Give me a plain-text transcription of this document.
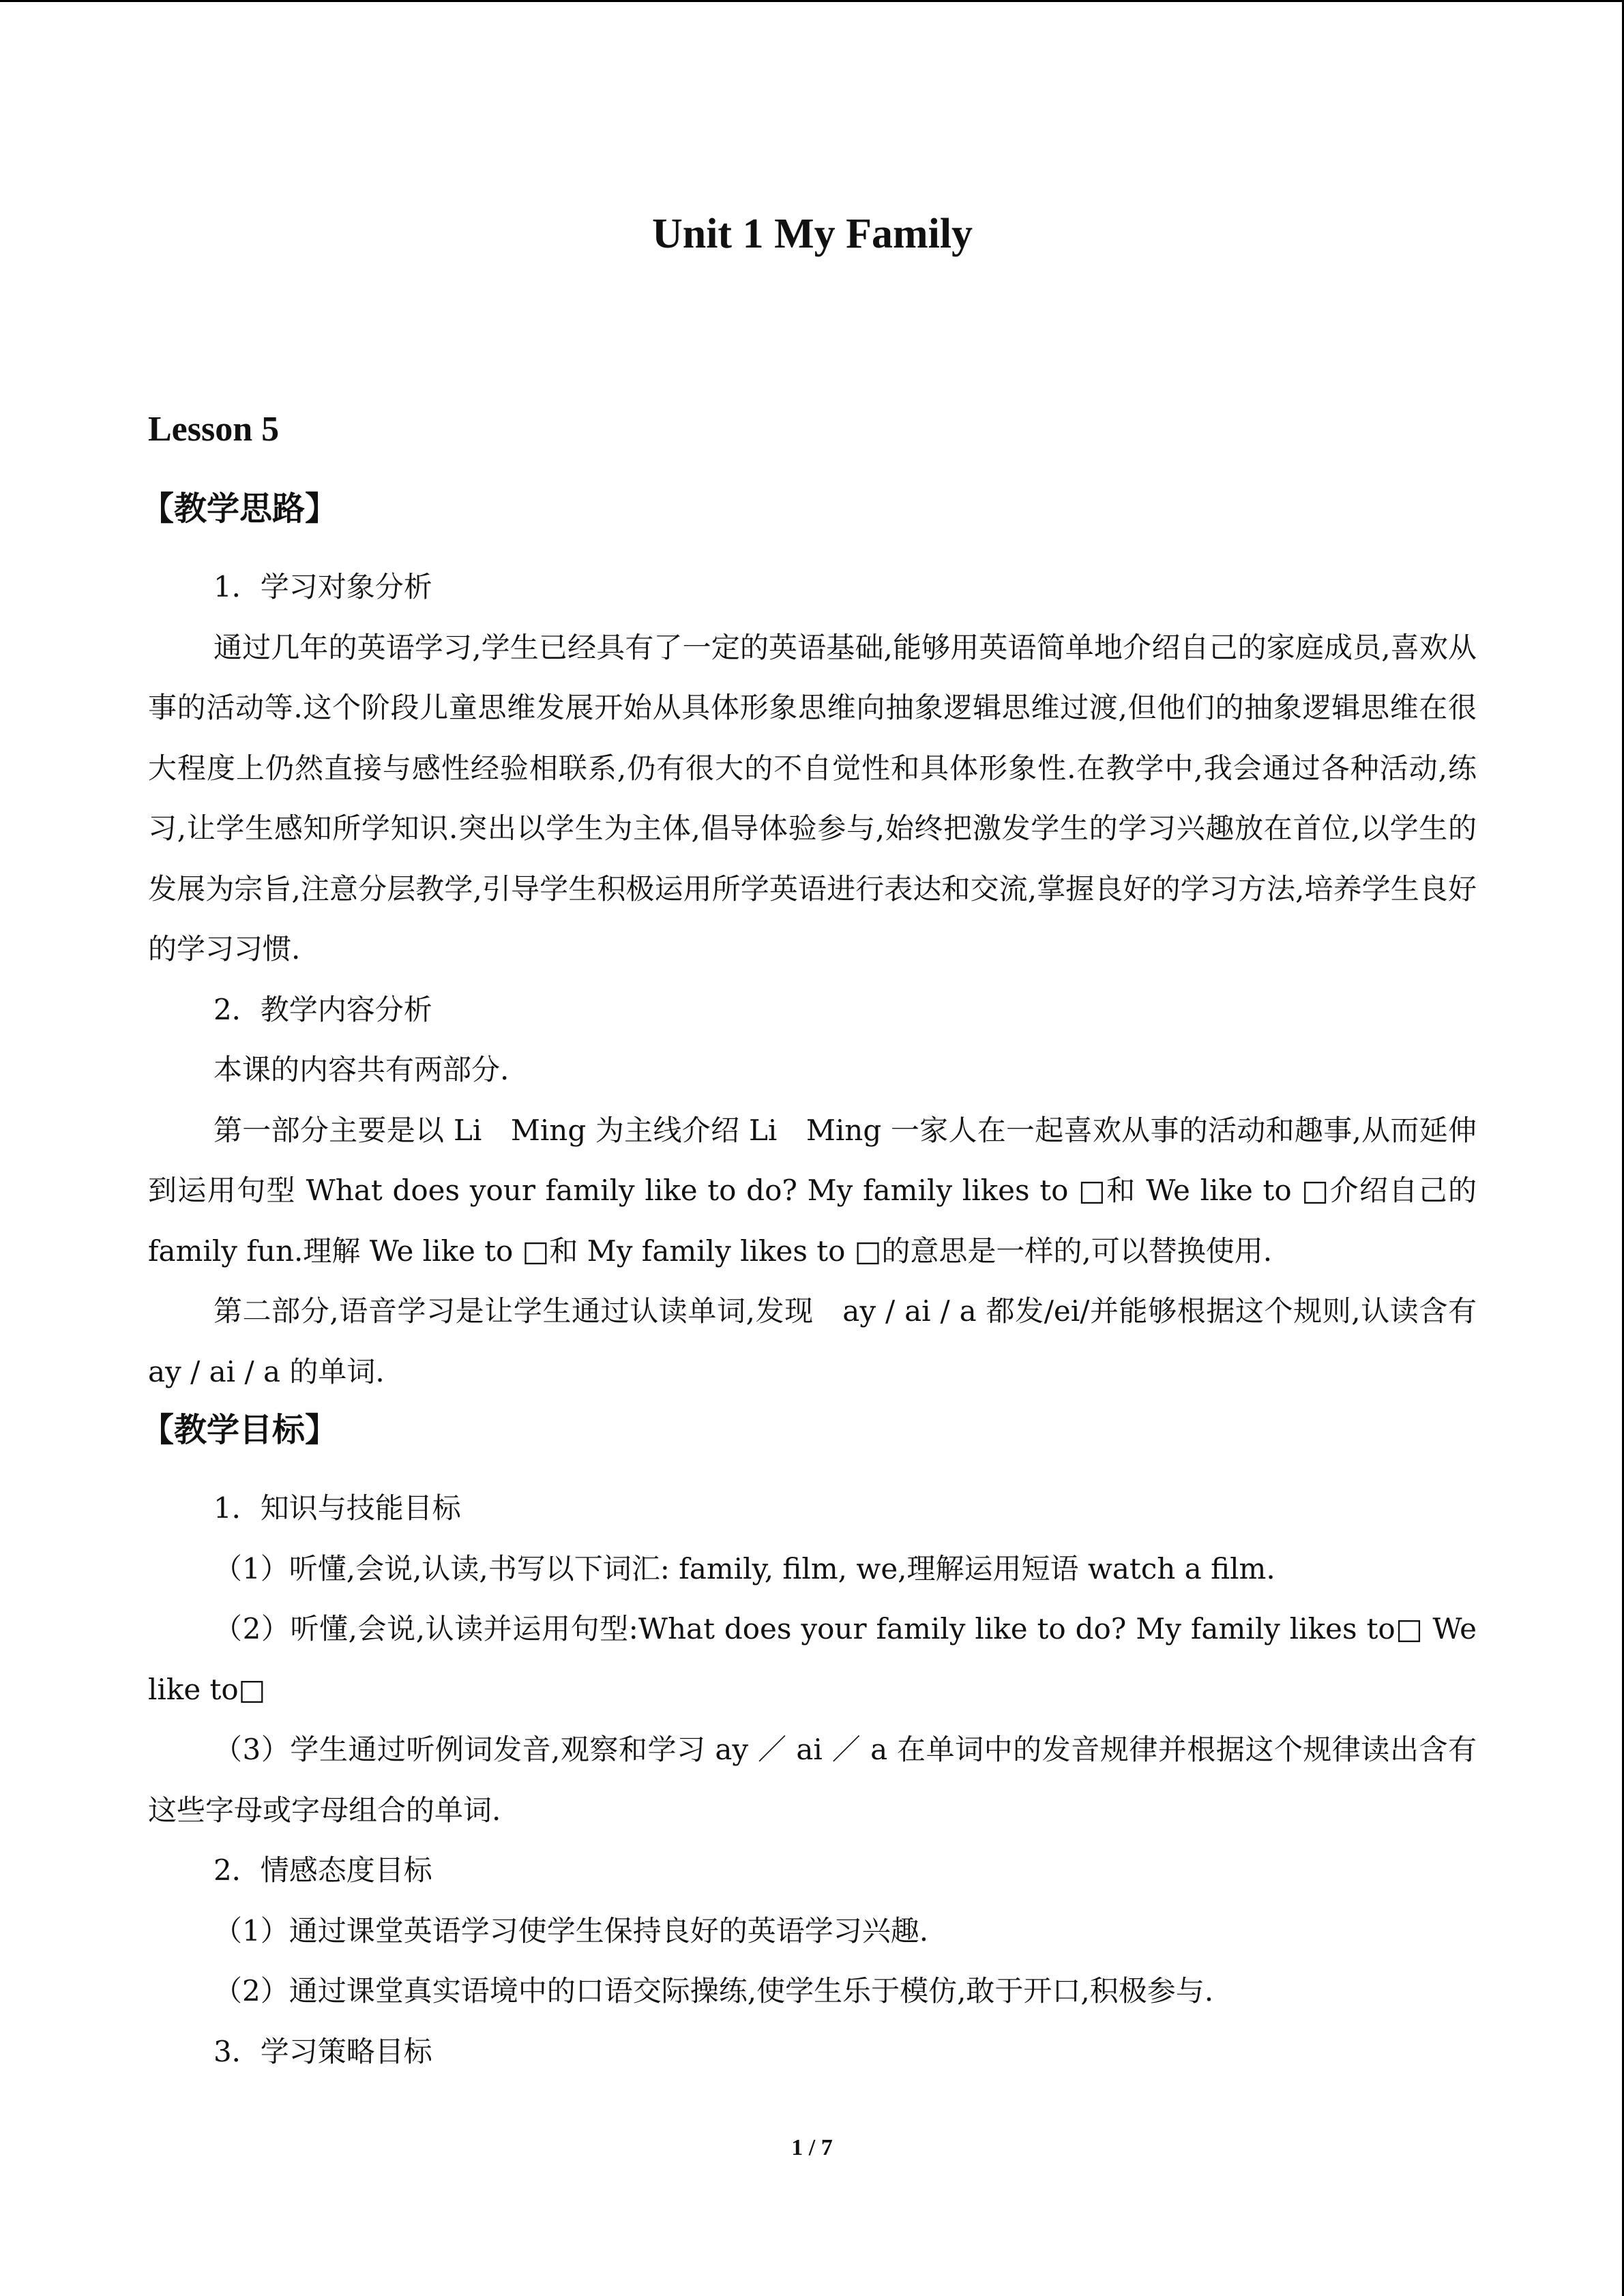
Unit 1 My Family
Lesson 5
【教学思路】

1．学习对象分析

通过几年的英语学习,学生已经具有了一定的英语基础,能够用英语简单地介绍自己的家庭成员,喜欢从事的活动等.这个阶段儿童思维发展开始从具体形象思维向抽象逻辑思维过渡,但他们的抽象逻辑思维在很大程度上仍然直接与感性经验相联系,仍有很大的不自觉性和具体形象性.在教学中,我会通过各种活动,练习,让学生感知所学知识.突出以学生为主体,倡导体验参与,始终把激发学生的学习兴趣放在首位,以学生的发展为宗旨,注意分层教学,引导学生积极运用所学英语进行表达和交流,掌握良好的学习方法,培养学生良好的学习习惯.

2．教学内容分析

本课的内容共有两部分.

第一部分主要是以 Li　Ming 为主线介绍 Li　Ming 一家人在一起喜欢从事的活动和趣事,从而延伸到运用句型 What does your family like to do? My family likes to □和 We like to □介绍自己的 family fun.理解 We like to □和 My family likes to □的意思是一样的,可以替换使用.

第二部分,语音学习是让学生通过认读单词,发现　ay / ai / a 都发/ei/并能够根据这个规则,认读含有 ay / ai / a 的单词.

【教学目标】

1．知识与技能目标

（1）听懂,会说,认读,书写以下词汇: family, film, we,理解运用短语 watch a film.

（2）听懂,会说,认读并运用句型:What does your family like to do? My family likes to□ We like to□

（3）学生通过听例词发音,观察和学习 ay ／ ai ／ a 在单词中的发音规律并根据这个规律读出含有这些字母或字母组合的单词.

2．情感态度目标

（1）通过课堂英语学习使学生保持良好的英语学习兴趣.

（2）通过课堂真实语境中的口语交际操练,使学生乐于模仿,敢于开口,积极参与.

3．学习策略目标

1 / 7
